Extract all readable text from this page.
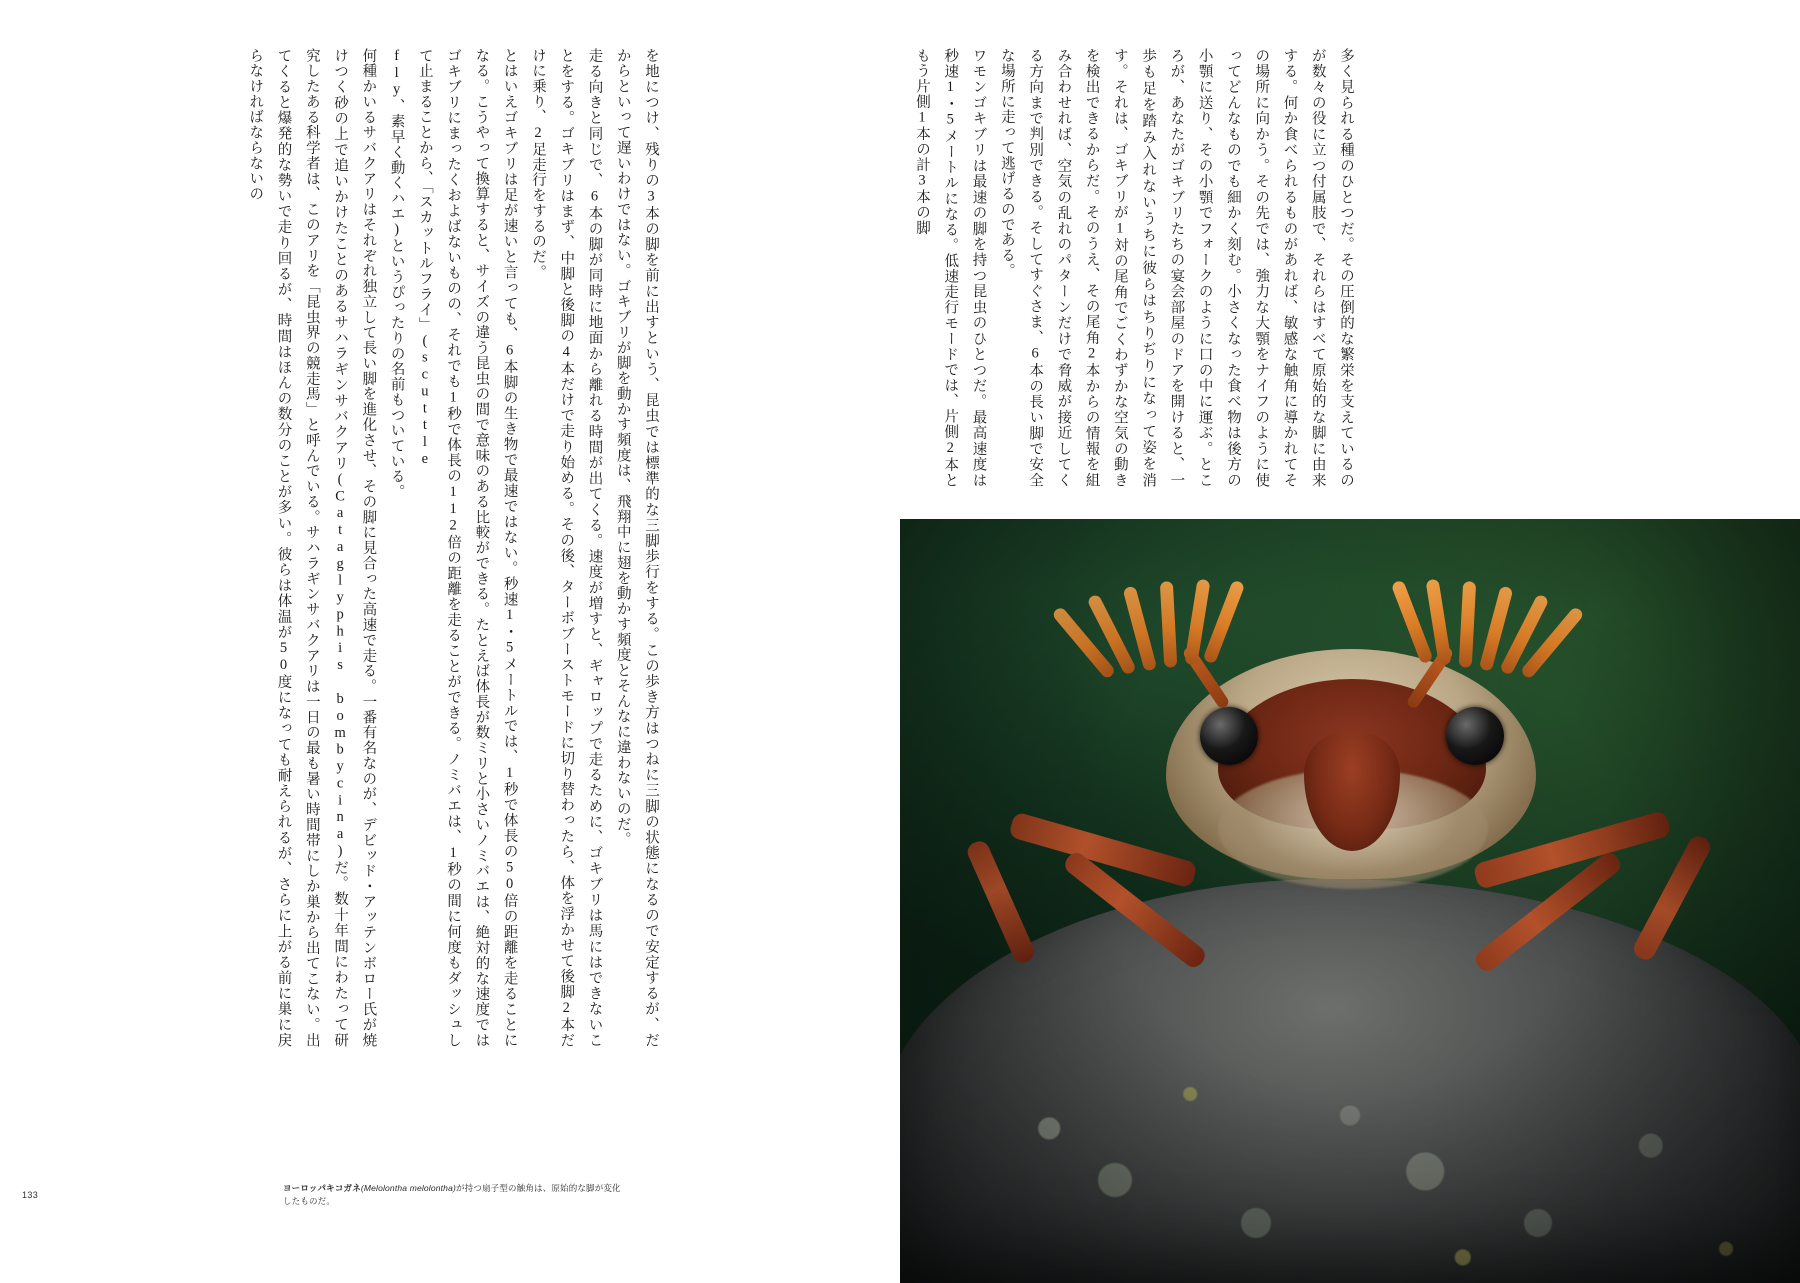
を地につけ、残りの3本の脚を前に出すという、昆虫では標準的な三脚歩行をする。この歩き方はつねに三脚の状態になるので安定するが、だからといって遅いわけではない。ゴキブリが脚を動かす頻度は、飛翔中に翅を動かす頻度とそんなに違わないのだ。

走る向きと同じで、6本の脚が同時に地面から離れる時間が出てくる。速度が増すと、ギャロップで走るために、ゴキブリは馬にはできないことをする。ゴキブリはまず、中脚と後脚の4本だけで走り始める。その後、ターボブーストモードに切り替わったら、体を浮かせて後脚2本だけに乗り、2足走行をするのだ。

とはいえゴキブリは足が速いと言っても、6本脚の生き物で最速ではない。秒速1・5メートルでは、1秒で体長の50倍の距離を走ることになる。こうやって換算すると、サイズの違う昆虫の間で意味のある比較ができる。たとえば体長が数ミリと小さいノミバエは、絶対的な速度ではゴキブリにまったくおよばないものの、それでも1秒で体長の112倍の距離を走ることができる。ノミバエは、1秒の間に何度もダッシュして止まることから、「スカットルフライ」(scuttle

fly、素早く動くハエ)というぴったりの名前もついている。

何種かいるサバクアリはそれぞれ独立して長い脚を進化させ、その脚に見合った高速で走る。一番有名なのが、デビッド・アッテンボロー氏が焼けつく砂の上で追いかけたことのあるサハラギンサバクアリ(Cataglyphis bombycina)だ。数十年間にわたって研究したある科学者は、このアリを「昆虫界の競走馬」と呼んでいる。サハラギンサバクアリは一日の最も暑い時間帯にしか巣から出てこない。出てくると爆発的な勢いで走り回るが、時間はほんの数分のことが多い。彼らは体温が50度になっても耐えられるが、さらに上がる前に巣に戻らなければならないの

ヨーロッパキコガネ(Melolontha melolontha)が持つ扇子型の触角は、原始的な脚が変化したものだ。
133

多く見られる種のひとつだ。その圧倒的な繁栄を支えているのが数々の役に立つ付属肢で、それらはすべて原始的な脚に由来する。何か食べられるものがあれば、敏感な触角に導かれてその場所に向かう。その先では、強力な大顎をナイフのように使ってどんなものでも細かく刻む。小さくなった食べ物は後方の小顎に送り、その小顎でフォークのように口の中に運ぶ。ところが、あなたがゴキブリたちの宴会部屋のドアを開けると、一歩も足を踏み入れないうちに彼らはちりぢりになって姿を消す。それは、ゴキブリが1対の尾角でごくわずかな空気の動きを検出できるからだ。そのうえ、その尾角2本からの情報を組み合わせれば、空気の乱れのパターンだけで脅威が接近してくる方向まで判別できる。そしてすぐさま、6本の長い脚で安全な場所に走って逃げるのである。

ワモンゴキブリは最速の脚を持つ昆虫のひとつだ。最高速度は秒速1・5メートルになる。低速走行モードでは、片側2本ともう片側1本の計3本の脚
